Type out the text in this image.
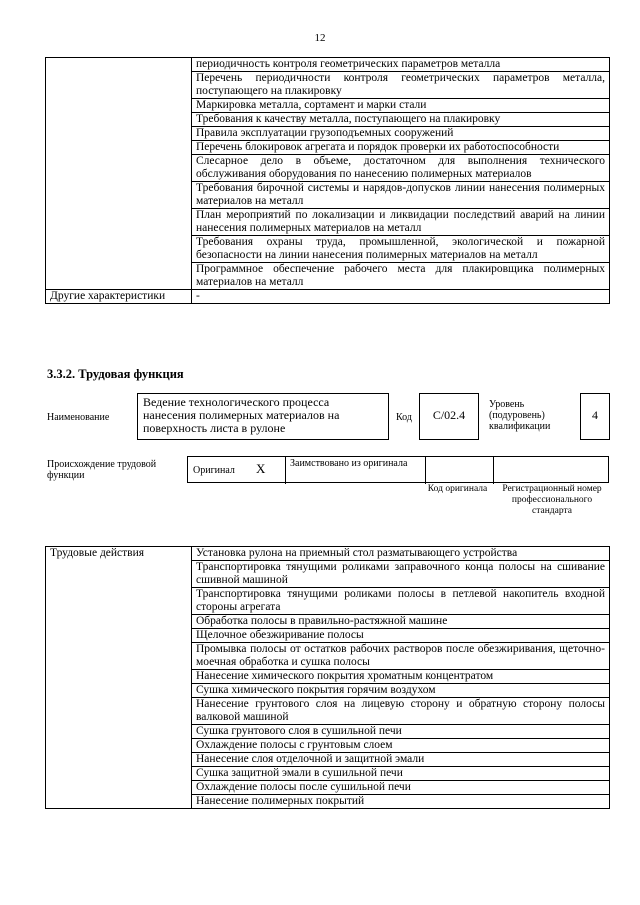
12
	периодичность контроля геометрических параметров металла
	Перечень периодичности контроля геометрических параметров металла, поступающего на плакировку
	Маркировка металла, сортамент и марки стали
	Требования к качеству металла, поступающего на плакировку
	Правила эксплуатации грузоподъемных сооружений
	Перечень блокировок агрегата и порядок проверки их работоспособности
	Слесарное дело в объеме, достаточном для выполнения технического обслуживания оборудования по нанесению полимерных материалов
	Требования бирочной системы и нарядов-допусков линии нанесения полимерных материалов на металл
	План мероприятий по локализации и ликвидации последствий аварий на линии нанесения полимерных материалов на металл
	Требования охраны труда, промышленной, экологической и пожарной безопасности на линии нанесения полимерных материалов на металл
	Программное обеспечение рабочего места для плакировщика полимерных материалов на металл
Другие характеристики	-
3.3.2. Трудовая функция
Наименование
Ведение технологического процесса нанесения полимерных материалов на поверхность листа в рулоне
Код	С/02.4
Уровень (подуровень) квалификации
4
Происхождение трудовой функции	Оригинал	X Заимствовано из оригинала
Код оригинала	Регистрационный номер профессионального стандарта
Трудовые действия	Установка рулона на приемный стол разматывающего устройства
Транспортировка тянущими роликами заправочного конца полосы на сшивание сшивной машиной
Транспортировка тянущими роликами полосы в петлевой накопитель входной стороны агрегата
Обработка полосы в правильно-растяжной машине
Щелочное обезжиривание полосы
Промывка полосы от остатков рабочих растворов после обезжиривания, щеточно-моечная обработка и сушка полосы
Нанесение химического покрытия хроматным концентратом
Сушка химического покрытия горячим воздухом
Нанесение грунтового слоя на лицевую сторону и обратную сторону полосы валковой машиной
Сушка грунтового слоя в сушильной печи
Охлаждение полосы с грунтовым слоем
Нанесение слоя отделочной и защитной эмали
Сушка защитной эмали в сушильной печи
Охлаждение полосы после сушильной печи
Нанесение полимерных покрытий
